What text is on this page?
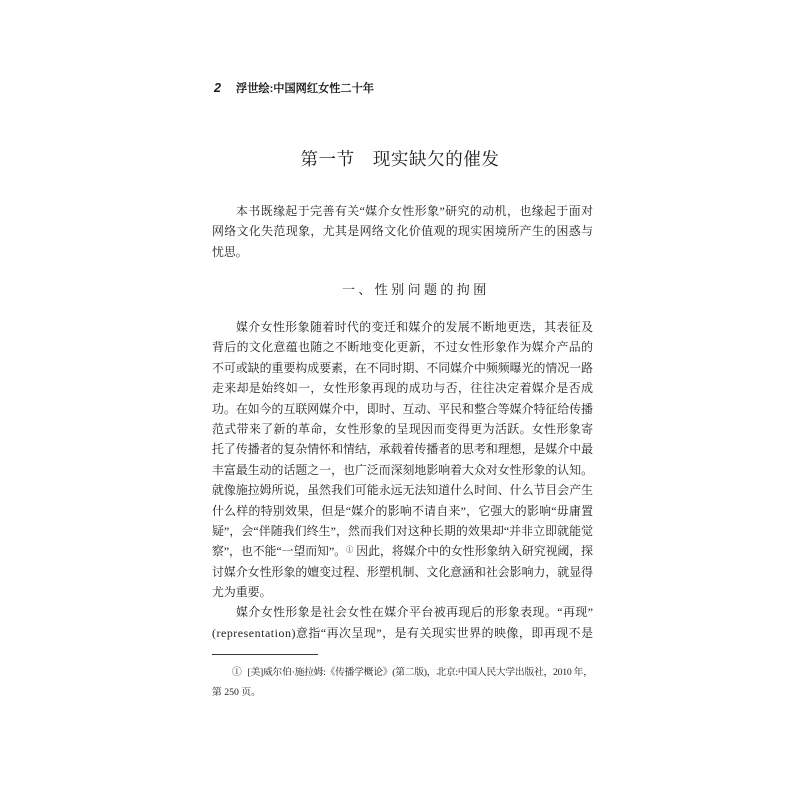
2 浮世绘:中国网红女性二十年
第一节　现实缺欠的催发
本书既缘起于完善有关“媒介女性形象”研究的动机，也缘起于面对
网络文化失范现象，尤其是网络文化价值观的现实困境所产生的困惑与
忧思。
一、性别问题的拘囿
媒介女性形象随着时代的变迁和媒介的发展不断地更迭，其表征及
背后的文化意蕴也随之不断地变化更新，不过女性形象作为媒介产品的
不可或缺的重要构成要素，在不同时期、不同媒介中频频曝光的情况一路
走来却是始终如一，女性形象再现的成功与否，往往决定着媒介是否成
功。在如今的互联网媒介中，即时、互动、平民和整合等媒介特征给传播
范式带来了新的革命，女性形象的呈现因而变得更为活跃。女性形象寄
托了传播者的复杂情怀和情结，承载着传播者的思考和理想，是媒介中最
丰富最生动的话题之一，也广泛而深刻地影响着大众对女性形象的认知。
就像施拉姆所说，虽然我们可能永远无法知道什么时间、什么节目会产生
什么样的特别效果，但是“媒介的影响不请自来”，它强大的影响“毋庸置
疑”，会“伴随我们终生”，然而我们对这种长期的效果却“并非立即就能觉
察”，也不能“一望而知”。① 因此，将媒介中的女性形象纳入研究视阈，探
讨媒介女性形象的嬗变过程、形塑机制、文化意涵和社会影响力，就显得
尤为重要。
媒介女性形象是社会女性在媒介平台被再现后的形象表现。“再现”
(representation)意指“再次呈现”，是有关现实世界的映像，即再现不是
① [美]威尔伯·施拉姆:《传播学概论》(第二版)，北京:中国人民大学出版社，2010 年，
第 250 页。
